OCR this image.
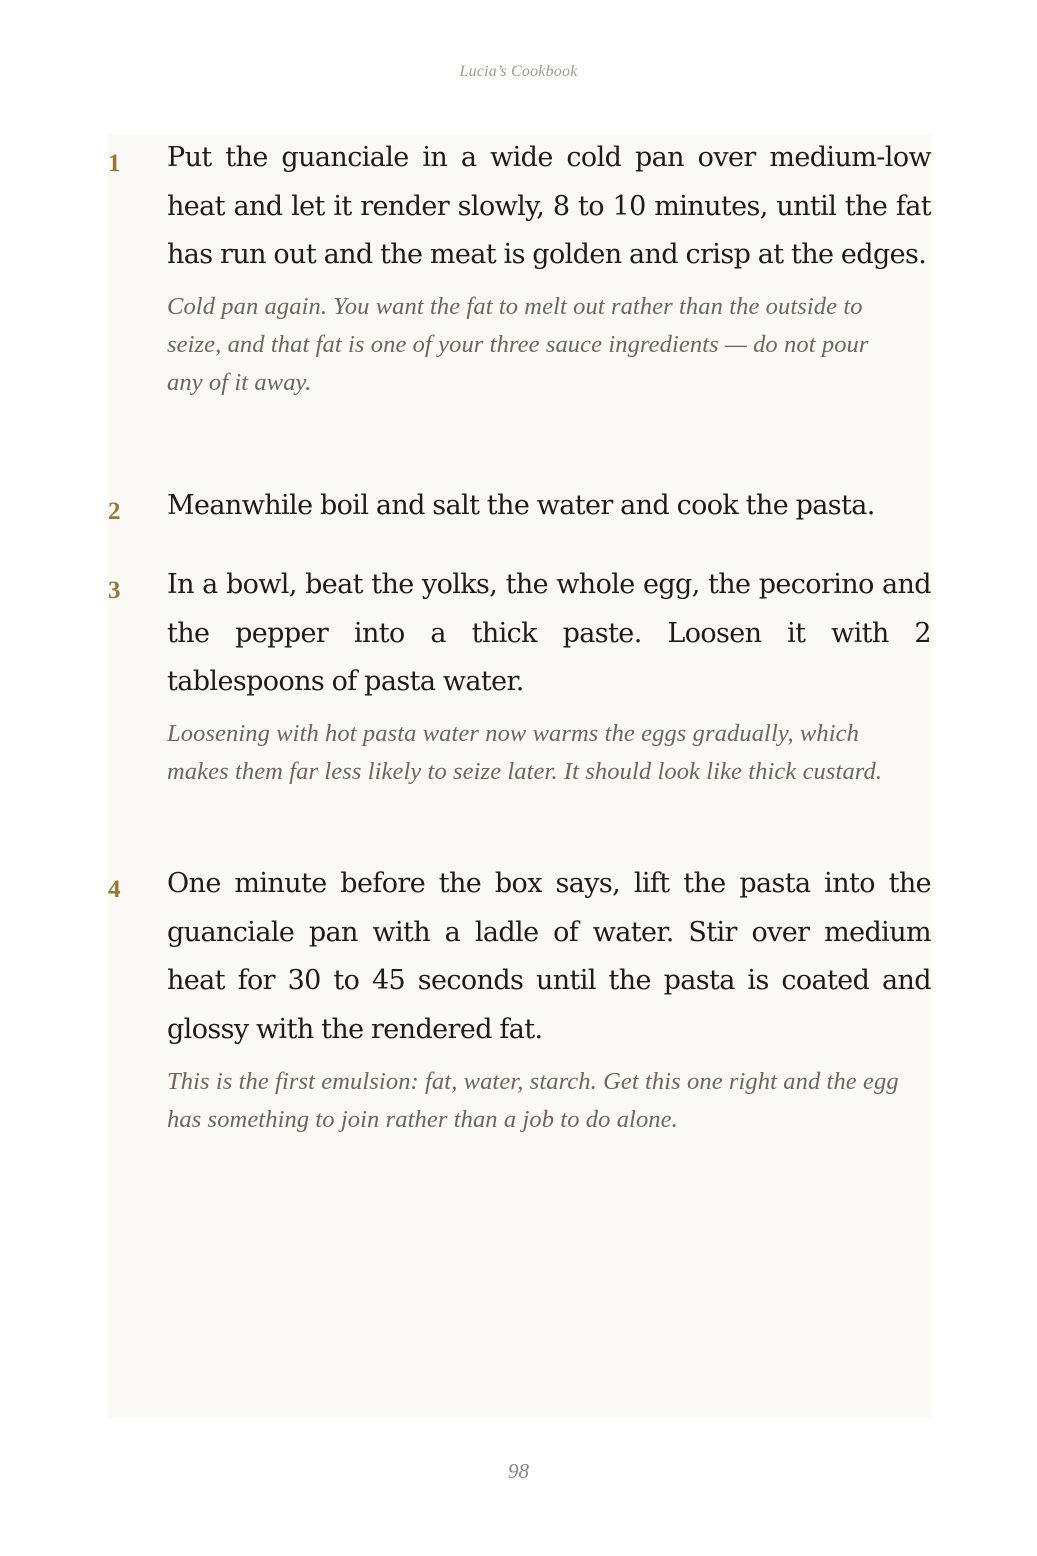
Lucia’s Cookbook
1 Put the guanciale in a wide cold pan over medium-low heat and let it render slowly, 8 to 10 minutes, until the fat has run out and the meat is golden and crisp at the edges.

Cold pan again. You want the fat to melt out rather than the outside to seize, and that fat is one of your three sauce ingredients — do not pour any of it away.

2 Meanwhile boil and salt the water and cook the pasta.

3 In a bowl, beat the yolks, the whole egg, the pecorino and the pepper into a thick paste. Loosen it with 2 tablespoons of pasta water.

Loosening with hot pasta water now warms the eggs gradually, which makes them far less likely to seize later. It should look like thick custard.

4 One minute before the box says, lift the pasta into the guanciale pan with a ladle of water. Stir over medium heat for 30 to 45 seconds until the pasta is coated and glossy with the rendered fat.

This is the first emulsion: fat, water, starch. Get this one right and the egg has something to join rather than a job to do alone.

98
